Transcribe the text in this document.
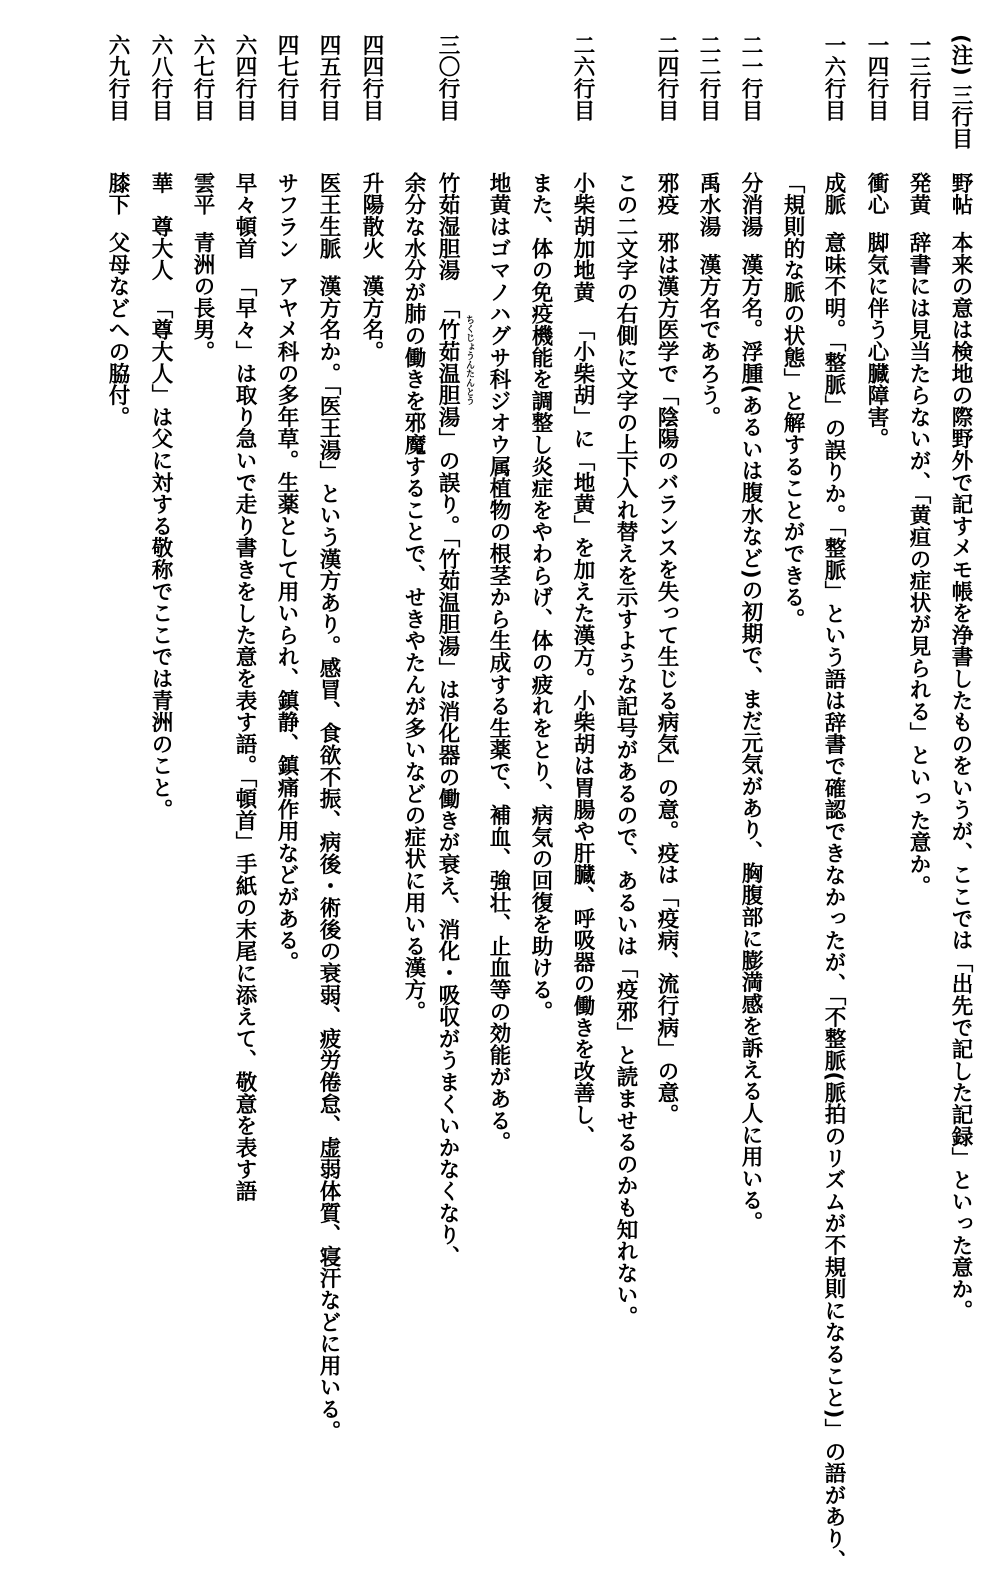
(注)三行目野帖本来の意は検地の際野外で記すメモ帳を浄書したものをいうが、ここでは「出先で記した記録」といった意か。
一三行目発黄辞書には見当たらないが、「黄疸の症状が見られる」といった意か。
一四行目衝心脚気に伴う心臓障害。
一六行目成脈意味不明。「整脈」の誤りか。「整脈」という語は辞書で確認できなかったが、「不整脈(脈拍のリズムが不規則になること)」の語があり、
「規則的な脈の状態」と解することができる。
二一行目分消湯漢方名。浮腫(あるいは腹水など)の初期で、まだ元気があり、胸腹部に膨満感を訴える人に用いる。
二二行目禹水湯漢方名であろう。
二四行目邪疫邪は漢方医学で「陰陽のバランスを失って生じる病気」の意。疫は「疫病、流行病」の意。
この二文字の右側に文字の上下入れ替えを示すような記号があるので、あるいは「疫邪」と読ませるのかも知れない。
二六行目小柴胡加地黄「小柴胡」に「地黄」を加えた漢方。小柴胡は胃腸や肝臓、呼吸器の働きを改善し、
また、体の免疫機能を調整し炎症をやわらげ、体の疲れをとり、病気の回復を助ける。
地黄はゴマノハグサ科ジオウ属植物の根茎から生成する生薬で、補血、強壮、止血等の効能がある。
三〇行目竹茹湿胆湯「竹茹温胆湯」 ちくじょうんたんとう
の誤り。「竹茹温胆湯」は消化器の働きが衰え、消化・吸収がうまくいかなくなり、
余分な水分が肺の働きを邪魔することで、せきやたんが多いなどの症状に用いる漢方。
四四行目升陽散火漢方名。
四五行目医王生脈漢方名か。「医王湯」という漢方あり。感冒、食欲不振、病後・術後の衰弱、疲労倦怠、虚弱体質、寝汗などに用いる。
四七行目サフランアヤメ科の多年草。生薬として用いられ、鎮静、鎮痛作用などがある。
六四行目早々頓首「早々」は取り急いで走り書きをした意を表す語。「頓首」手紙の末尾に添えて、敬意を表す語
六七行目雲平青洲の長男。
六八行目華　尊大人「尊大人」は父に対する敬称でここでは青洲のこと。
六九行目膝下父母などへの脇付。
